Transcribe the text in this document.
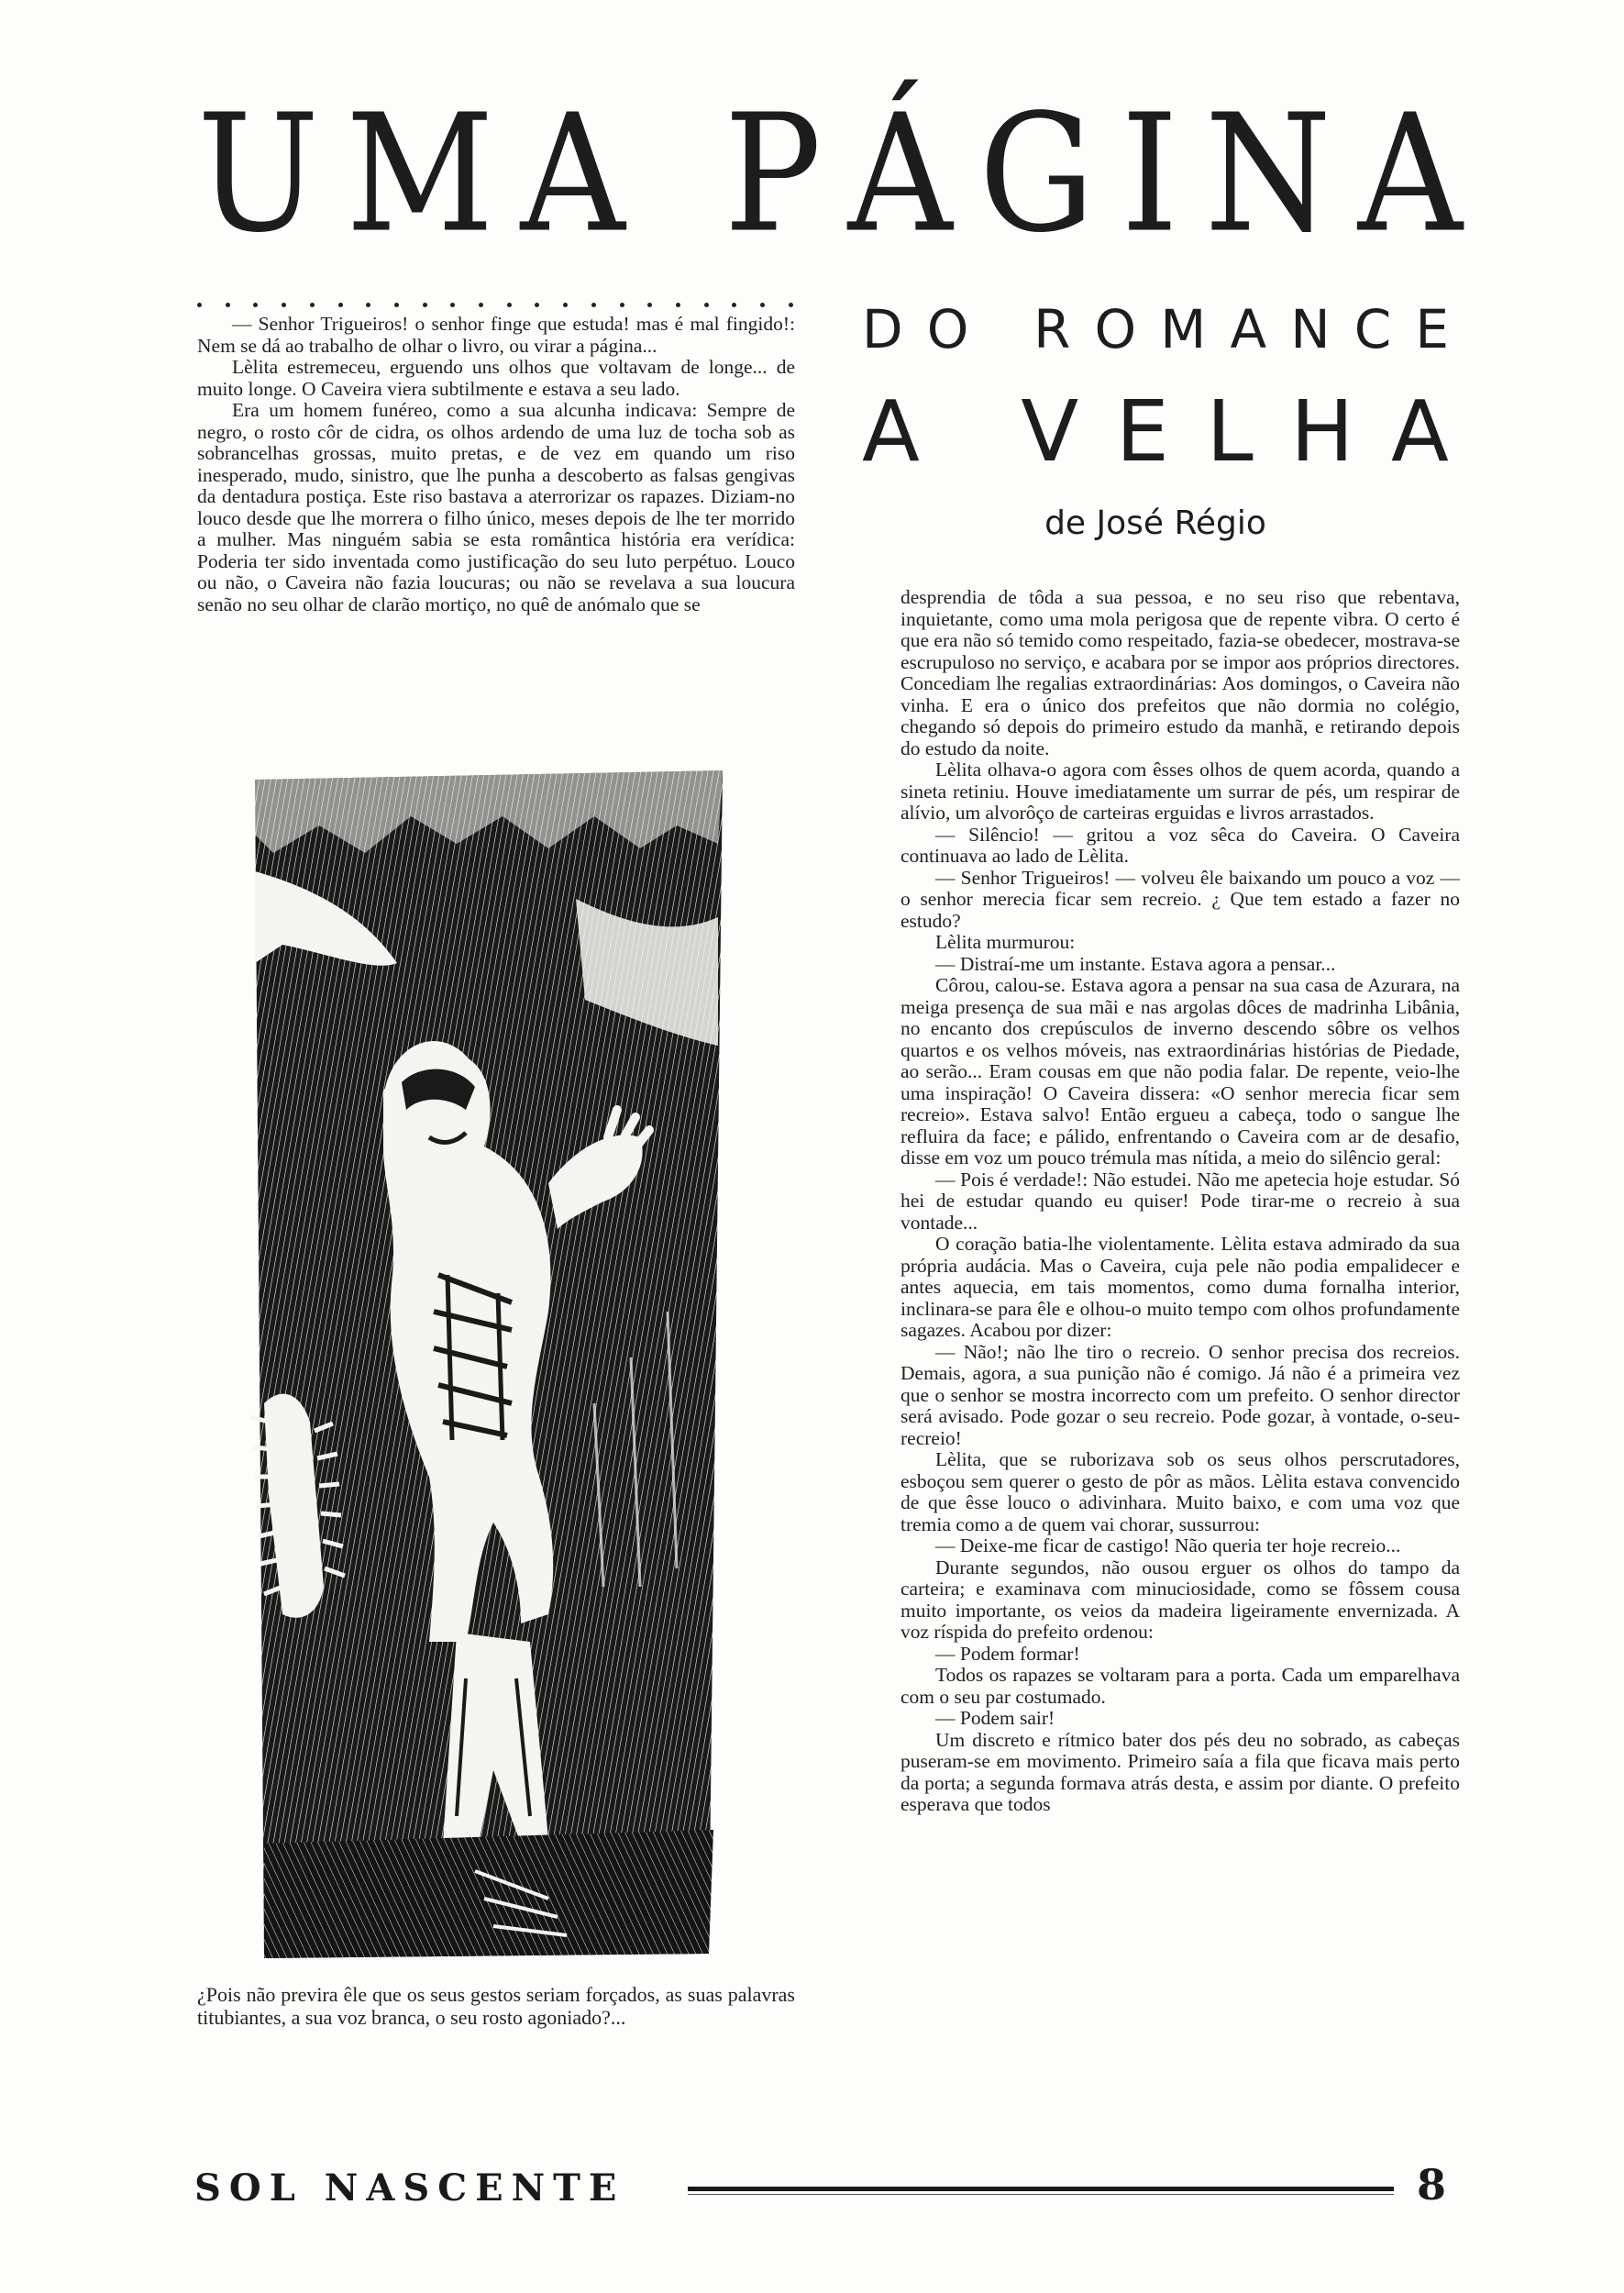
U M A
P Á G I N A
D O
R O M A N C E
A
V E L H A
de José Régio

— Senhor Trigueiros! o senhor finge que estuda! mas é mal fingido!: Nem se dá ao trabalho de olhar o livro, ou virar a página...

Lèlita estremeceu, erguendo uns olhos que voltavam de longe... de muito longe. O Caveira viera subtilmente e estava a seu lado.

Era um homem funéreo, como a sua alcunha indicava: Sempre de negro, o rosto côr de cidra, os olhos ardendo de uma luz de tocha sob as sobrancelhas grossas, muito pretas, e de vez em quando um riso inesperado, mudo, sinistro, que lhe punha a descoberto as falsas gengivas da dentadura postiça. Este riso bastava a aterrorizar os rapazes. Diziam-no louco desde que lhe morrera o filho único, meses depois de lhe ter morrido a mulher. Mas ninguém sabia se esta romântica história era verídica: Poderia ter sido inventada como justificação do seu luto perpétuo. Louco ou não, o Caveira não fazia loucuras; ou não se revelava a sua loucura senão no seu olhar de clarão mortiço, no quê de anómalo que se

¿Pois não previra êle que os seus gestos seriam forçados, as suas palavras titubiantes, a sua voz branca, o seu rosto agoniado?...

desprendia de tôda a sua pessoa, e no seu riso que rebentava, inquietante, como uma mola perigosa que de repente vibra. O certo é que era não só temido como respeitado, fazia-se obedecer, mostrava-se escrupuloso no serviço, e acabara por se impor aos próprios directores. Concediam lhe regalias extraordinárias: Aos domingos, o Caveira não vinha. E era o único dos prefeitos que não dormia no colégio, chegando só depois do primeiro estudo da manhã, e retirando depois do estudo da noite.

Lèlita olhava-o agora com êsses olhos de quem acorda, quando a sineta retiniu. Houve imediatamente um surrar de pés, um respirar de alívio, um alvorôço de carteiras erguidas e livros arrastados.

— Silêncio! — gritou a voz sêca do Caveira. O Caveira continuava ao lado de Lèlita.

— Senhor Trigueiros! — volveu êle baixando um pouco a voz — o senhor merecia ficar sem recreio. ¿ Que tem estado a fazer no estudo?

Lèlita murmurou:

— Distraí-me um instante. Estava agora a pensar...

Côrou, calou-se. Estava agora a pensar na sua casa de Azurara, na meiga presença de sua mãi e nas argolas dôces de madrinha Libânia, no encanto dos crepúsculos de inverno descendo sôbre os velhos quartos e os velhos móveis, nas extraordinárias histórias de Piedade, ao serão... Eram cousas em que não podia falar. De repente, veio-lhe uma inspiração! O Caveira dissera: «O senhor merecia ficar sem recreio». Estava salvo! Então ergueu a cabeça, todo o sangue lhe refluira da face; e pálido, enfrentando o Caveira com ar de desafio, disse em voz um pouco trémula mas nítida, a meio do silêncio geral:

— Pois é verdade!: Não estudei. Não me apetecia hoje estudar. Só hei de estudar quando eu quiser! Pode tirar-me o recreio à sua vontade...

O coração batia-lhe violentamente. Lèlita estava admirado da sua própria audácia. Mas o Caveira, cuja pele não podia empalidecer e antes aquecia, em tais momentos, como duma fornalha interior, inclinara-se para êle e olhou-o muito tempo com olhos profundamente sagazes. Acabou por dizer:

— Não!; não lhe tiro o recreio. O senhor precisa dos recreios. Demais, agora, a sua punição não é comigo. Já não é a primeira vez que o senhor se mostra incorrecto com um prefeito. O senhor director será avisado. Pode gozar o seu recreio. Pode gozar, à vontade, o-seu-recreio!

Lèlita, que se ruborizava sob os seus olhos perscrutadores, esboçou sem querer o gesto de pôr as mãos. Lèlita estava convencido de que êsse louco o adivinhara. Muito baixo, e com uma voz que tremia como a de quem vai chorar, sussurrou:

— Deixe-me ficar de castigo! Não queria ter hoje recreio...

Durante segundos, não ousou erguer os olhos do tampo da carteira; e examinava com minuciosidade, como se fôssem cousa muito importante, os veios da madeira ligeiramente envernizada. A voz ríspida do prefeito ordenou:

— Podem formar!

Todos os rapazes se voltaram para a porta. Cada um emparelhava com o seu par costumado.

— Podem sair!

Um discreto e rítmico bater dos pés deu no sobrado, as cabeças puseram-se em movimento. Primeiro saía a fila que ficava mais perto da porta; a segunda formava atrás desta, e assim por diante. O prefeito esperava que todos

SOL NASCENTE	8
